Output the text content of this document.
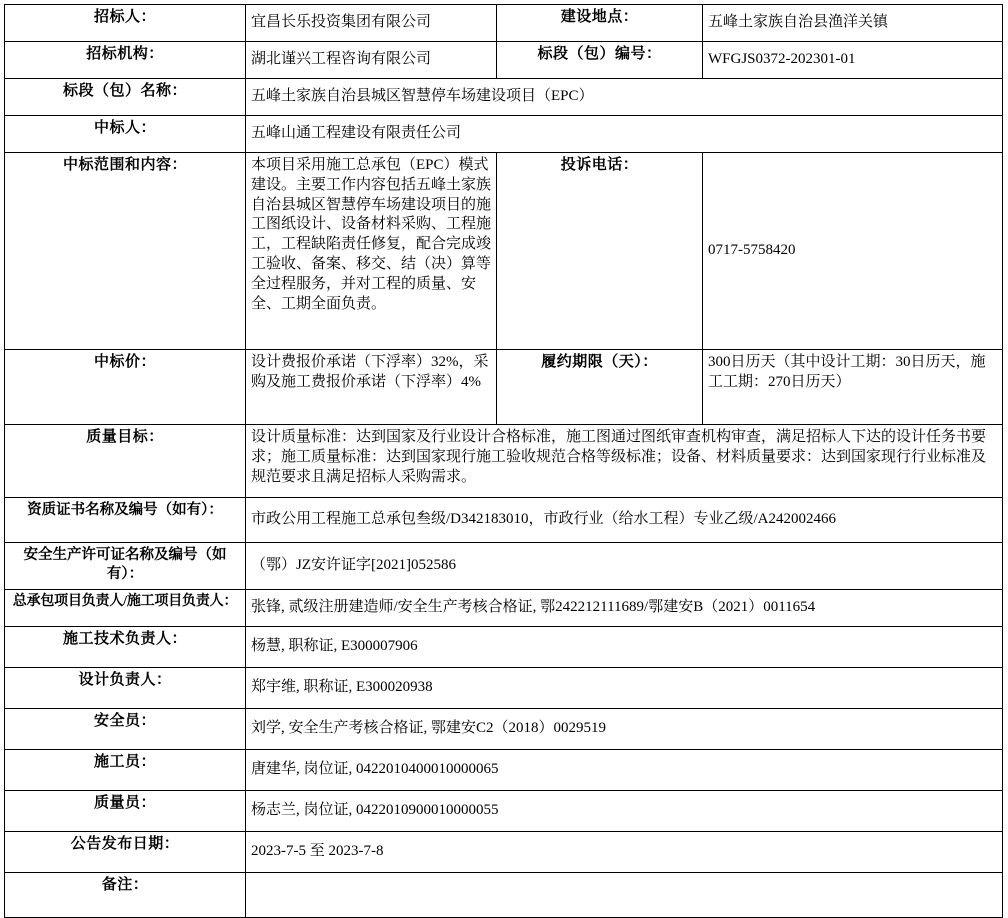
招标人：	宜昌长乐投资集团有限公司	建设地点：	五峰土家族自治县渔洋关镇
招标机构：	湖北谨兴工程咨询有限公司	标段（包）编号：	WFGJS0372-202301-01
标段（包）名称：	五峰土家族自治县城区智慧停车场建设项目（EPC）		
中标人：	五峰山通工程建设有限责任公司		
中标范围和内容：	本项目采用施工总承包（EPC）模式建设。主要工作内容包括五峰土家族自治县城区智慧停车场建设项目的施工图纸设计、设备材料采购、工程施工，工程缺陷责任修复，配合完成竣工验收、备案、移交、结（决）算等全过程服务，并对工程的质量、安全、工期全面负责。	投诉电话：	0717-5758420
中标价：	设计费报价承诺（下浮率）32%，采购及施工费报价承诺（下浮率）4%	履约期限（天）：	300日历天（其中设计工期：30日历天，施工工期：270日历天）
质量目标：	设计质量标准：达到国家及行业设计合格标准，施工图通过图纸审查机构审查，满足招标人下达的设计任务书要求；施工质量标准：达到国家现行施工验收规范合格等级标准；设备、材料质量要求：达到国家现行行业标准及规范要求且满足招标人采购需求。		
资质证书名称及编号（如有）：	市政公用工程施工总承包叁级/D342183010，市政行业（给水工程）专业乙级/A242002466		
安全生产许可证名称及编号（如有）：	（鄂）JZ安许证字[2021]052586		
总承包项目负责人/施工项目负责人：	张锋, 贰级注册建造师/安全生产考核合格证, 鄂242212111689/鄂建安B（2021）0011654		
施工技术负责人：	杨慧, 职称证, E300007906		
设计负责人：	郑宇维, 职称证, E300020938		
安全员：	刘学, 安全生产考核合格证, 鄂建安C2（2018）0029519		
施工员：	唐建华, 岗位证, 0422010400010000065		
质量员：	杨志兰, 岗位证, 0422010900010000055		
公告发布日期：	2023-7-5 至 2023-7-8		
备注：			
